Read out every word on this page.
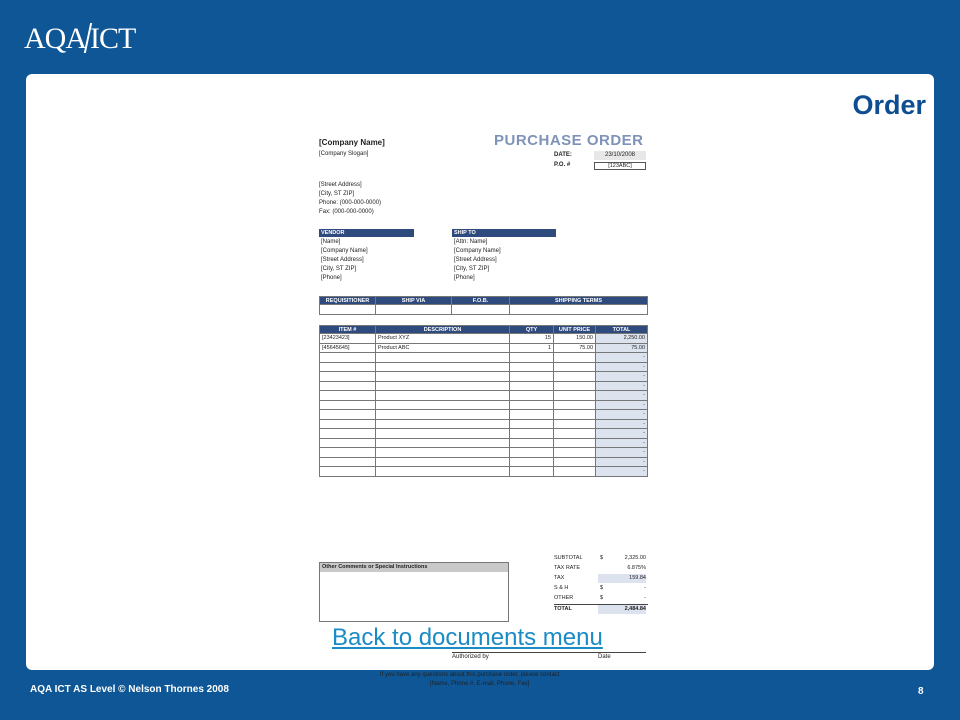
AQA ICT
Order
[Company Name]
[Company Slogan]
PURCHASE ORDER
DATE:	23/10/2008
P.O. #	[123ABC]
[Street Address]
[City, ST ZIP]
Phone: (000-000-0000)
Fax: (000-000-0000)
VENDOR
[Name]
[Company Name]
[Street Address]
[City, ST ZIP]
[Phone]
SHIP TO
[Attn: Name]
[Company Name]
[Street Address]
[City, ST ZIP]
[Phone]
REQUISITIONER	SHIP VIA	F.O.B.	SHIPPING TERMS

ITEM #	DESCRIPTION	QTY	UNIT PRICE	TOTAL
[23423423]	Product XYZ	15	150.00	2,250.00
[45645645]	Product ABC	1	75.00	75.00
				-
				-
				-
				-
				-
				-
				-
				-
				-
				-
				-
				-
				-
Other Comments or Special Instructions
SUBTOTAL	$	2,325.00
TAX RATE	6.875%
TAX	159.84
S & H	$	-
OTHER	$	-
TOTAL	2,484.84
Authorized by	Date
If you have any questions about this purchase order, please contact
[Name, Phone #, E-mail, Phone, Fax]
Back to documents menu
AQA ICT AS Level © Nelson Thornes 2008	8
